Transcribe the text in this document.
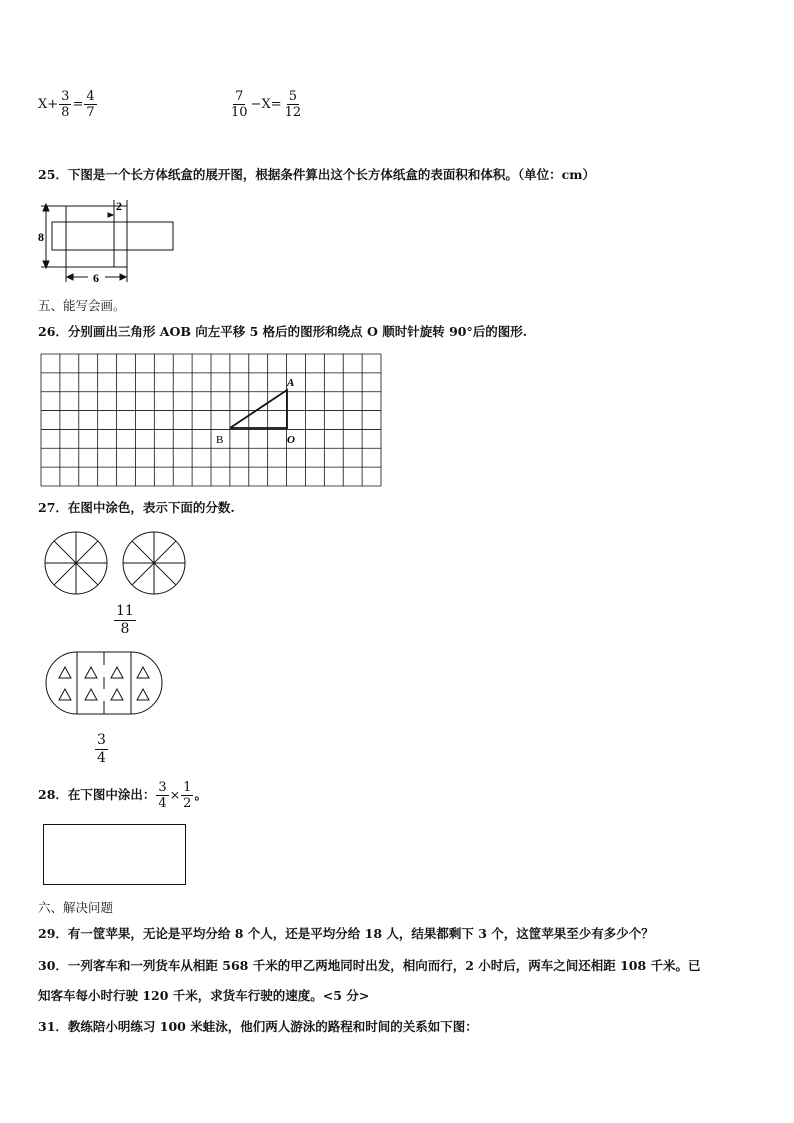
$X+ \frac{3}{8} = \frac{4}{7}$	$\frac{7}{10} -X= \frac{5}{12}$
25．下图是一个长方体纸盒的展开图，根据条件算出这个长方体纸盒的表面积和体积。（单位：cm）
8
2
6
五、能写会画。
26．分别画出三角形 AOB 向左平移 5 格后的图形和绕点 O 顺时针旋转 90°后的图形.
A
B	O
27．在图中涂色，表示下面的分数.
$\frac{11}{8}$
$\frac{3}{4}$
28．在下图中涂出： $\frac{3}{4} \times \frac{1}{2}$ 。
六、解决问题
29．有一筐苹果，无论是平均分给 8 个人，还是平均分给 18 人，结果都剩下 3 个，这筐苹果至少有多少个？
30．一列客车和一列货车从相距 568 千米的甲乙两地同时出发，相向而行，2 小时后，两车之间还相距 108 千米。已
知客车每小时行驶 120 千米，求货车行驶的速度。<5 分>
31．教练陪小明练习 100 米蛙泳，他们两人游泳的路程和时间的关系如下图：
